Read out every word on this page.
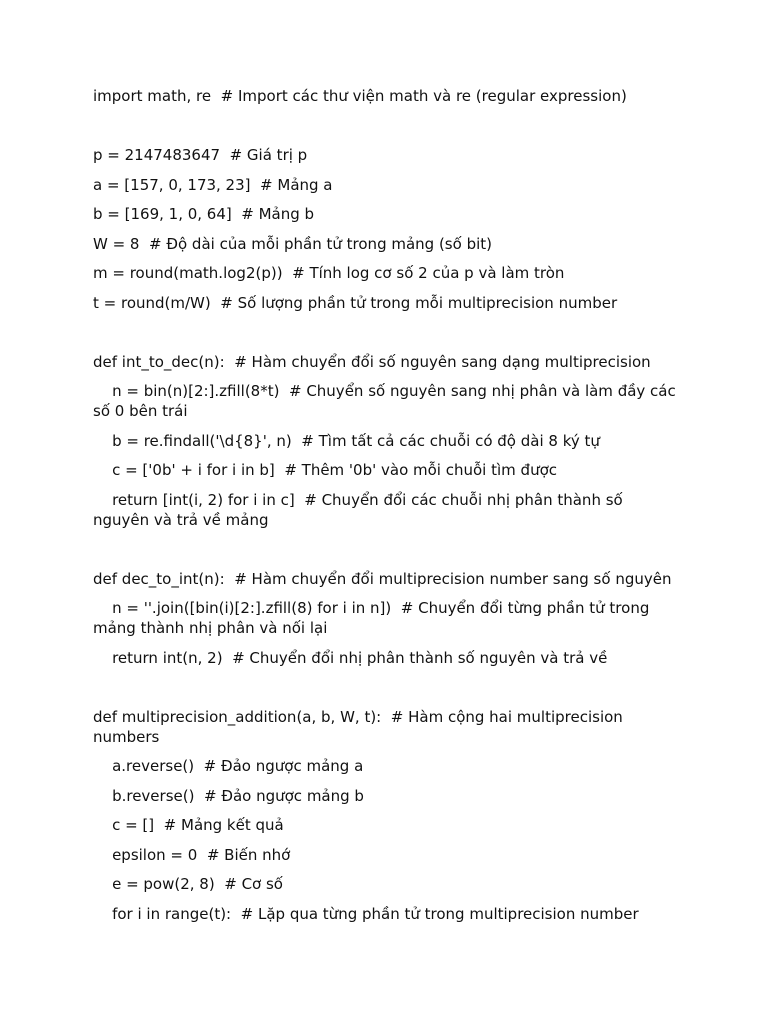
import math, re  # Import các thư viện math và re (regular expression)

p = 2147483647  # Giá trị p

a = [157, 0, 173, 23]  # Mảng a

b = [169, 1, 0, 64]  # Mảng b

W = 8  # Độ dài của mỗi phần tử trong mảng (số bit)

m = round(math.log2(p))  # Tính log cơ số 2 của p và làm tròn

t = round(m/W)  # Số lượng phần tử trong mỗi multiprecision number

def int_to_dec(n):  # Hàm chuyển đổi số nguyên sang dạng multiprecision

n = bin(n)[2:].zfill(8*t)  # Chuyển số nguyên sang nhị phân và làm đầy các số 0 bên trái

b = re.findall('\d{8}', n)  # Tìm tất cả các chuỗi có độ dài 8 ký tự

c = ['0b' + i for i in b]  # Thêm '0b' vào mỗi chuỗi tìm được

return [int(i, 2) for i in c]  # Chuyển đổi các chuỗi nhị phân thành số nguyên và trả về mảng

def dec_to_int(n):  # Hàm chuyển đổi multiprecision number sang số nguyên

n = ''.join([bin(i)[2:].zfill(8) for i in n])  # Chuyển đổi từng phần tử trong mảng thành nhị phân và nối lại

return int(n, 2)  # Chuyển đổi nhị phân thành số nguyên và trả về

def multiprecision_addition(a, b, W, t):  # Hàm cộng hai multiprecision numbers

a.reverse()  # Đảo ngược mảng a

b.reverse()  # Đảo ngược mảng b

c = []  # Mảng kết quả

epsilon = 0  # Biến nhớ

e = pow(2, 8)  # Cơ số

for i in range(t):  # Lặp qua từng phần tử trong multiprecision number
